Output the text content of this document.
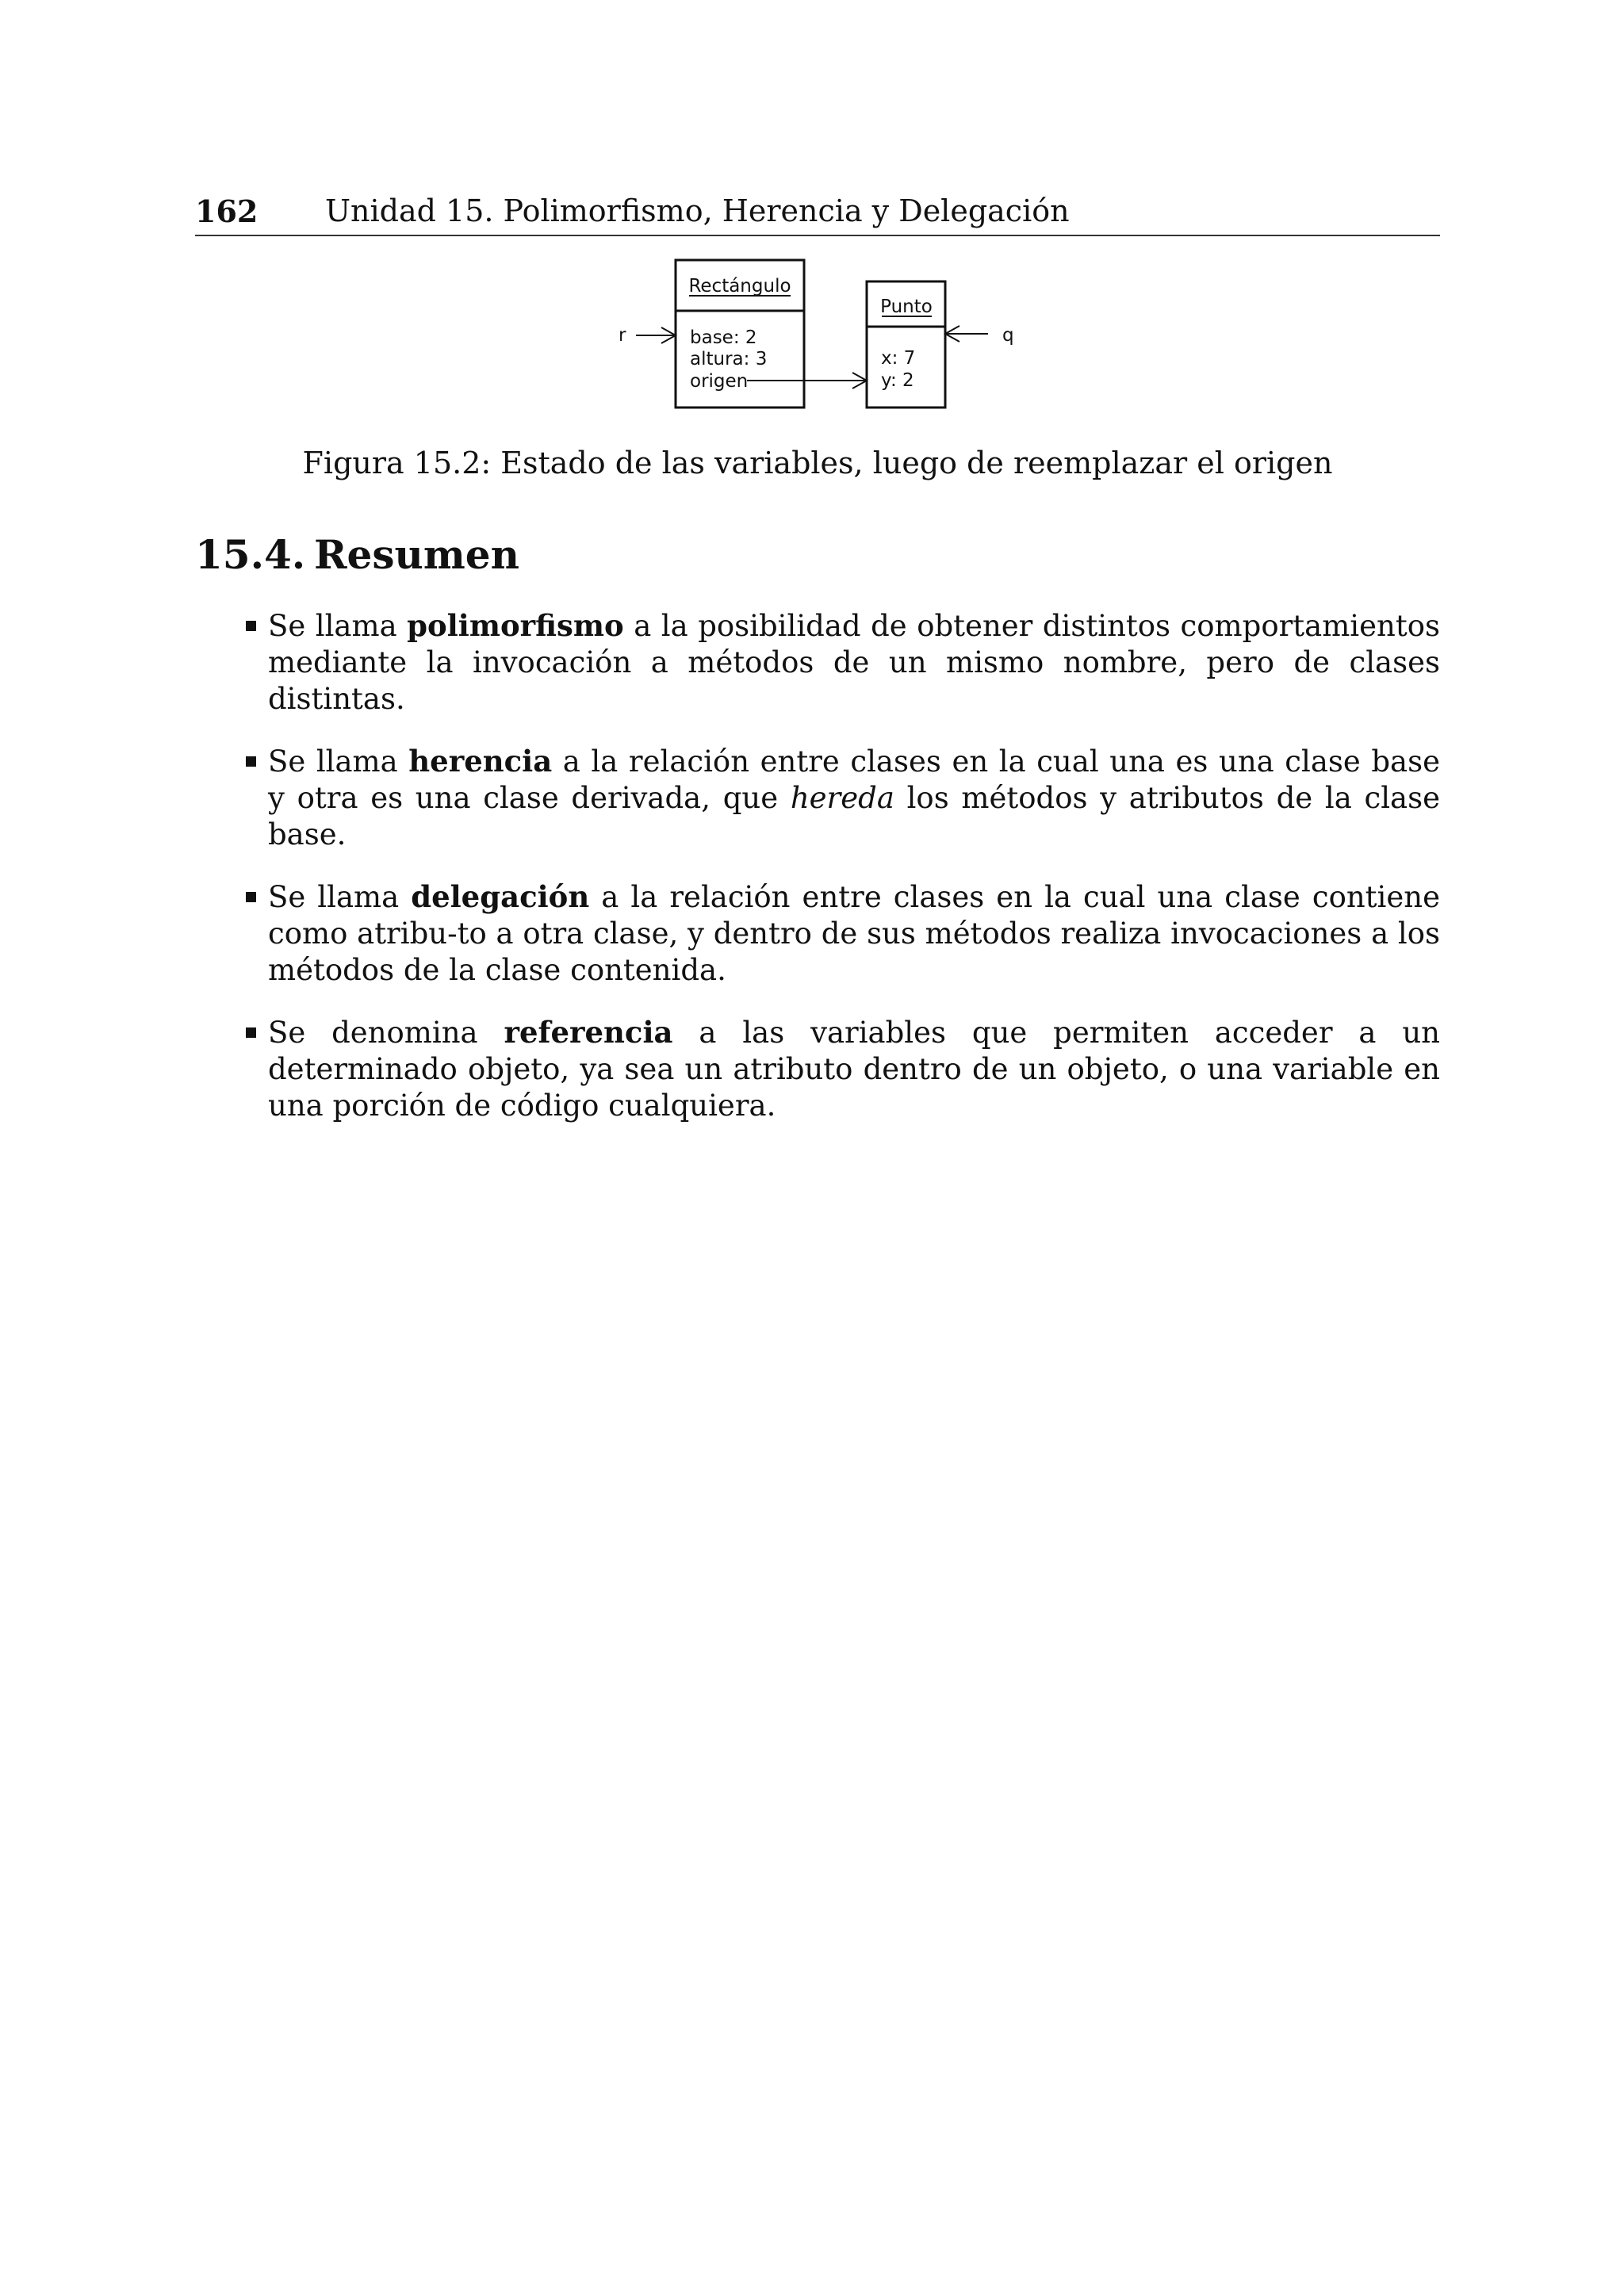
162 Unidad 15. Polimorfismo, Herencia y Delegación
Rectángulo
base: 2
altura: 3
origen
Punto
x: 7
y: 2
r	q
Figura 15.2: Estado de las variables, luego de reemplazar el origen
15.4. Resumen
Se llama polimorfismo a la posibilidad de obtener distintos comportamientos mediante la invocación a métodos de un mismo nombre, pero de clases distintas.
Se llama herencia a la relación entre clases en la cual una es una clase base y otra es una clase derivada, que hereda los métodos y atributos de la clase base.
Se llama delegación a la relación entre clases en la cual una clase contiene como atribu-to a otra clase, y dentro de sus métodos realiza invocaciones a los métodos de la clase contenida.
Se denomina referencia a las variables que permiten acceder a un determinado objeto, ya sea un atributo dentro de un objeto, o una variable en una porción de código cualquiera.
